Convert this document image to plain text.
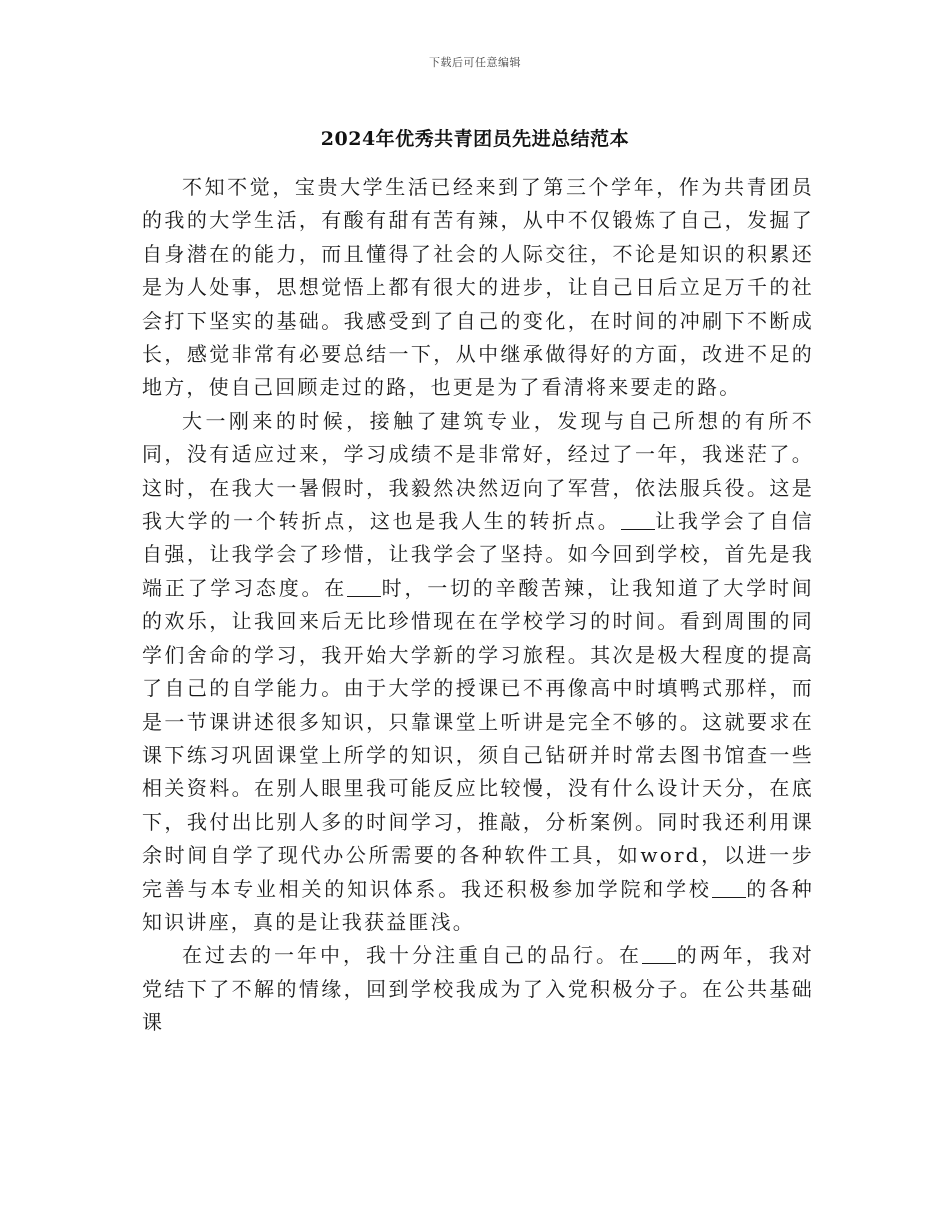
下载后可任意编辑
2024年优秀共青团员先进总结范本

不知不觉，宝贵大学生活已经来到了第三个学年，作为共青团员的我的大学生活，有酸有甜有苦有辣，从中不仅锻炼了自己，发掘了自身潜在的能力，而且懂得了社会的人际交往，不论是知识的积累还是为人处事，思想觉悟上都有很大的进步，让自己日后立足万千的社会打下坚实的基础。我感受到了自己的变化，在时间的冲刷下不断成长，感觉非常有必要总结一下，从中继承做得好的方面，改进不足的地方，使自己回顾走过的路，也更是为了看清将来要走的路。

大一刚来的时候，接触了建筑专业，发现与自己所想的有所不同，没有适应过来，学习成绩不是非常好，经过了一年，我迷茫了。这时，在我大一暑假时，我毅然决然迈向了军营，依法服兵役。这是我大学的一个转折点，这也是我人生的转折点。 让我学会了自信自强，让我学会了珍惜，让我学会了坚持。如今回到学校，首先是我端正了学习态度。在 时，一切的辛酸苦辣，让我知道了大学时间的欢乐，让我回来后无比珍惜现在在学校学习的时间。看到周围的同学们舍命的学习，我开始大学新的学习旅程。其次是极大程度的提高了自己的自学能力。由于大学的授课已不再像高中时填鸭式那样，而是一节课讲述很多知识，只靠课堂上听讲是完全不够的。这就要求在课下练习巩固课堂上所学的知识，须自己钻研并时常去图书馆查一些相关资料。在别人眼里我可能反应比较慢，没有什么设计天分，在底下，我付出比别人多的时间学习，推敲，分析案例。同时我还利用课余时间自学了现代办公所需要的各种软件工具，如word，以进一步完善与本专业相关的知识体系。我还积极参加学院和学校 的各种知识讲座，真的是让我获益匪浅。

在过去的一年中，我十分注重自己的品行。在 的两年，我对党结下了不解的情缘，回到学校我成为了入党积极分子。在公共基础课
